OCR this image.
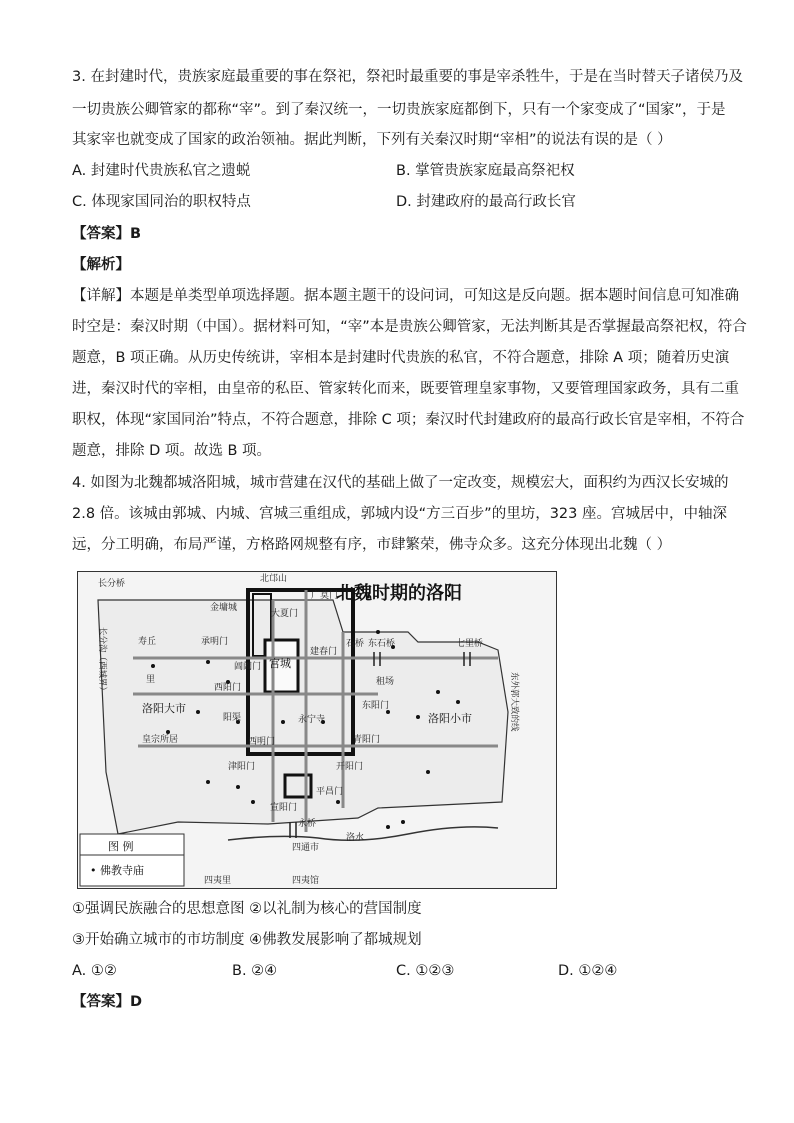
3. 在封建时代，贵族家庭最重要的事在祭祀，祭祀时最重要的事是宰杀牲牛，于是在当时替天子诸侯乃及
一切贵族公卿管家的都称“宰”。到了秦汉统一，一切贵族家庭都倒下，只有一个家变成了“国家”，于是
其家宰也就变成了国家的政治领袖。据此判断，下列有关秦汉时期“宰相”的说法有误的是（ ）
A. 封建时代贵族私官之遗蜕	B. 掌管贵族家庭最高祭祀权
C. 体现家国同治的职权特点	D. 封建政府的最高行政长官
【答案】B
【解析】
【详解】本题是单类型单项选择题。据本题主题干的设问词，可知这是反向题。据本题时间信息可知准确
时空是：秦汉时期（中国）。据材料可知，“宰”本是贵族公卿管家，无法判断其是否掌握最高祭祀权，符合
题意，B 项正确。从历史传统讲，宰相本是封建时代贵族的私官，不符合题意，排除 A 项；随着历史演
进，秦汉时代的宰相，由皇帝的私臣、管家转化而来，既要管理皇家事物，又要管理国家政务，具有二重
职权，体现“家国同治”特点，不符合题意，排除 C 项；秦汉时代封建政府的最高行政长官是宰相，不符合
题意，排除 D 项。故选 B 项。
4. 如图为北魏都城洛阳城，城市营建在汉代的基础上做了一定改变，规模宏大，面积约为西汉长安城的
2.8 倍。该城由郭城、内城、宫城三重组成，郭城内设“方三百步”的里坊，323 座。宫城居中，中轴深
远，分工明确，布局严谨，方格路网规整有序，市肆繁荣，佛寺众多。这充分体现出北魏（ ）
北魏时期的洛阳
北邙山
长分桥
金墉城
大夏门
广莫门
寿丘	承明门
阊阖门 宫城
建春门
石桥 东石桥	七里桥
里
西阳门
租场
洛阳大市
阳渠	永宁寺
东阳门
洛阳小市
皇宗所居	西明门	青阳门
津阳门	开阳门
平昌门
宣阳门
永桥
洛水
四通市
四夷里	四夷馆
长分沟（西城界）
东外郭大致的线
图 例
• 佛教寺庙
①强调民族融合的思想意图 ②以礼制为核心的营国制度
③开始确立城市的市坊制度 ④佛教发展影响了都城规划
A. ①②	B. ②④	C. ①②③	D. ①②④
【答案】D
